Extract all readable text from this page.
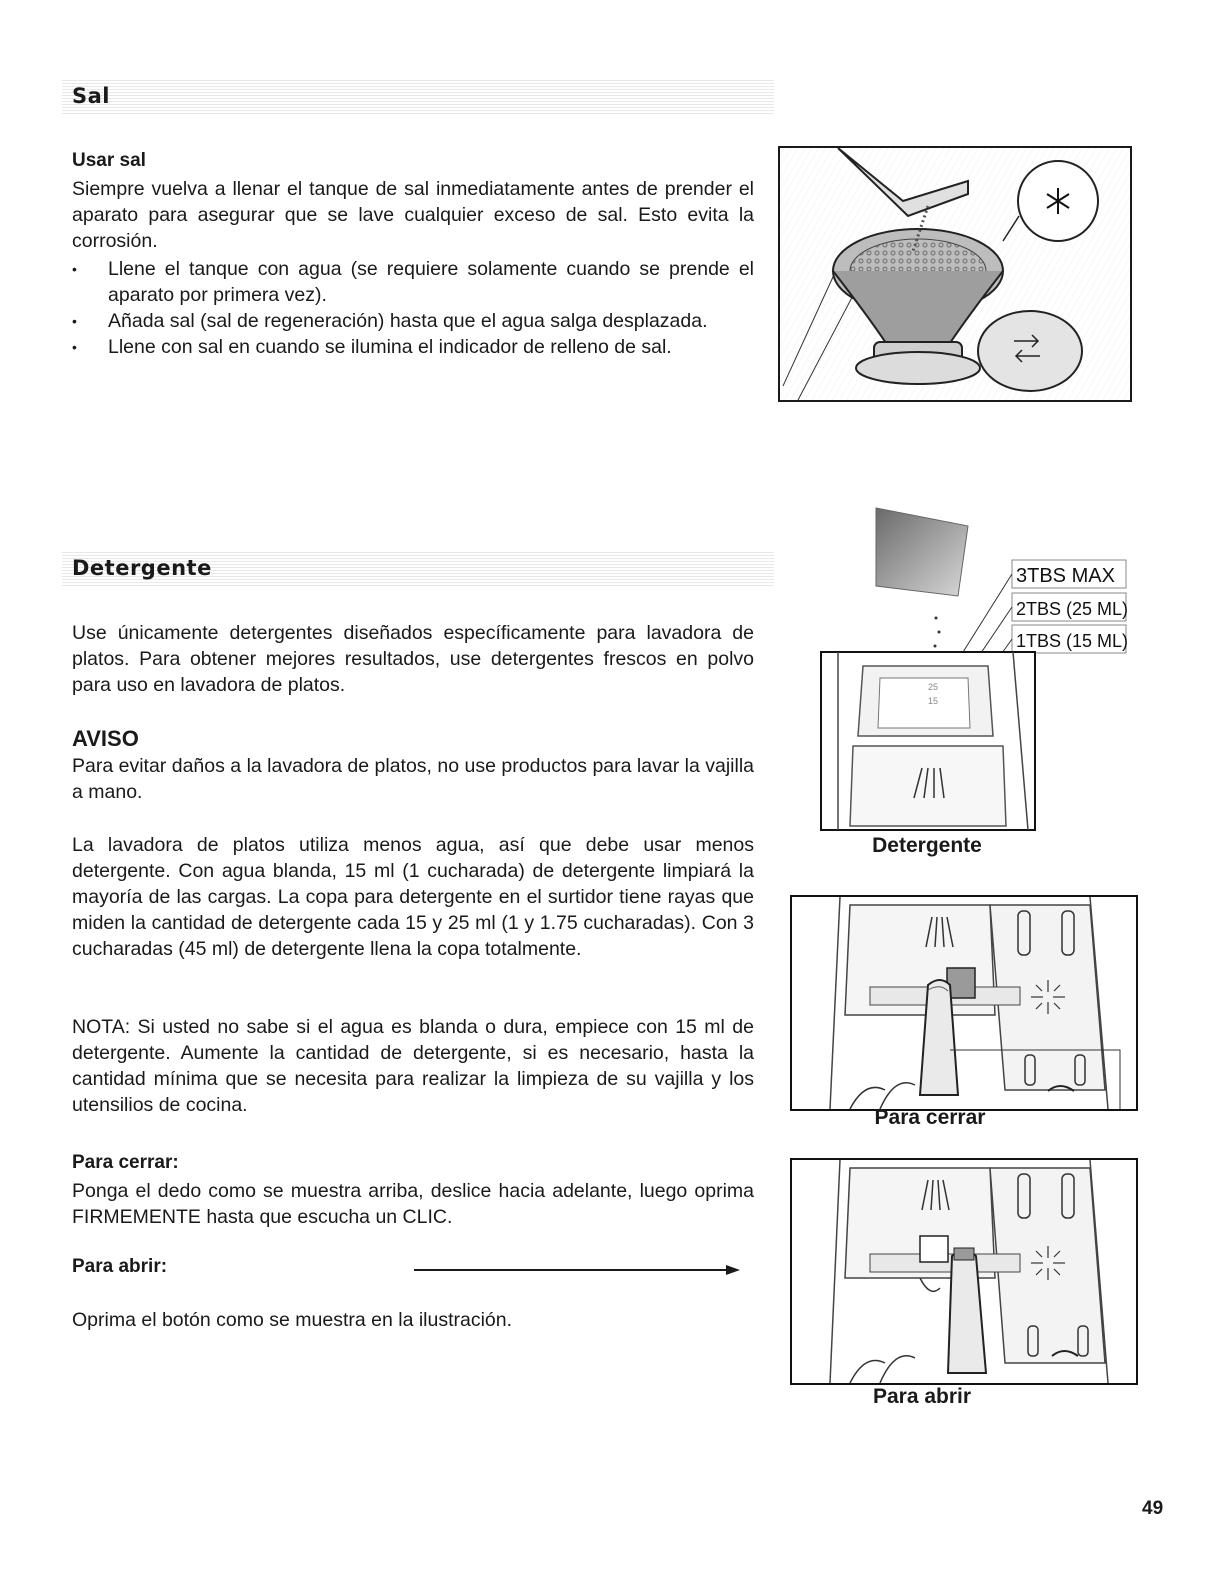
Sal
Usar sal

Siempre vuelva a llenar el tanque de sal inmediatamente antes de prender el aparato para asegurar que se lave cualquier exceso de sal. Esto evita la corrosión.

• Llene el tanque con agua (se requiere solamente cuando se prende el aparato por primera vez).
• Añada sal (sal de regeneración) hasta que el agua salga desplazada.
• Llene con sal en cuando se ilumina el indicador de relleno de sal.
Detergente

Use únicamente detergentes diseñados específicamente para lavadora de platos. Para obtener mejores resultados, use detergentes frescos en polvo para uso en lavadora de platos.

AVISO

Para evitar daños a la lavadora de platos, no use productos para lavar la vajilla a mano.

La lavadora de platos utiliza menos agua, así que debe usar menos detergente. Con agua blanda, 15 ml (1 cucharada) de detergente limpiará la mayoría de las cargas. La copa para detergente en el surtidor tiene rayas que miden la cantidad de detergente cada 15 y 25 ml (1 y 1.75 cucharadas). Con 3 cucharadas (45 ml) de detergente llena la copa totalmente.

NOTA: Si usted no sabe si el agua es blanda o dura, empiece con 15 ml de detergente. Aumente la cantidad de detergente, si es necesario, hasta la cantidad mínima que se necesita para realizar la limpieza de su vajilla y los utensilios de cocina.

Para cerrar:

Ponga el dedo como se muestra arriba, deslice hacia adelante, luego oprima FIRMEMENTE hasta que escucha un CLIC.

Para abrir:

Oprima el botón como se muestra en la ilustración.

3TBS MAX
2TBS (25 ML)
1TBS (15 ML)
25
15
Detergente
Para cerrar
Para abrir
49
